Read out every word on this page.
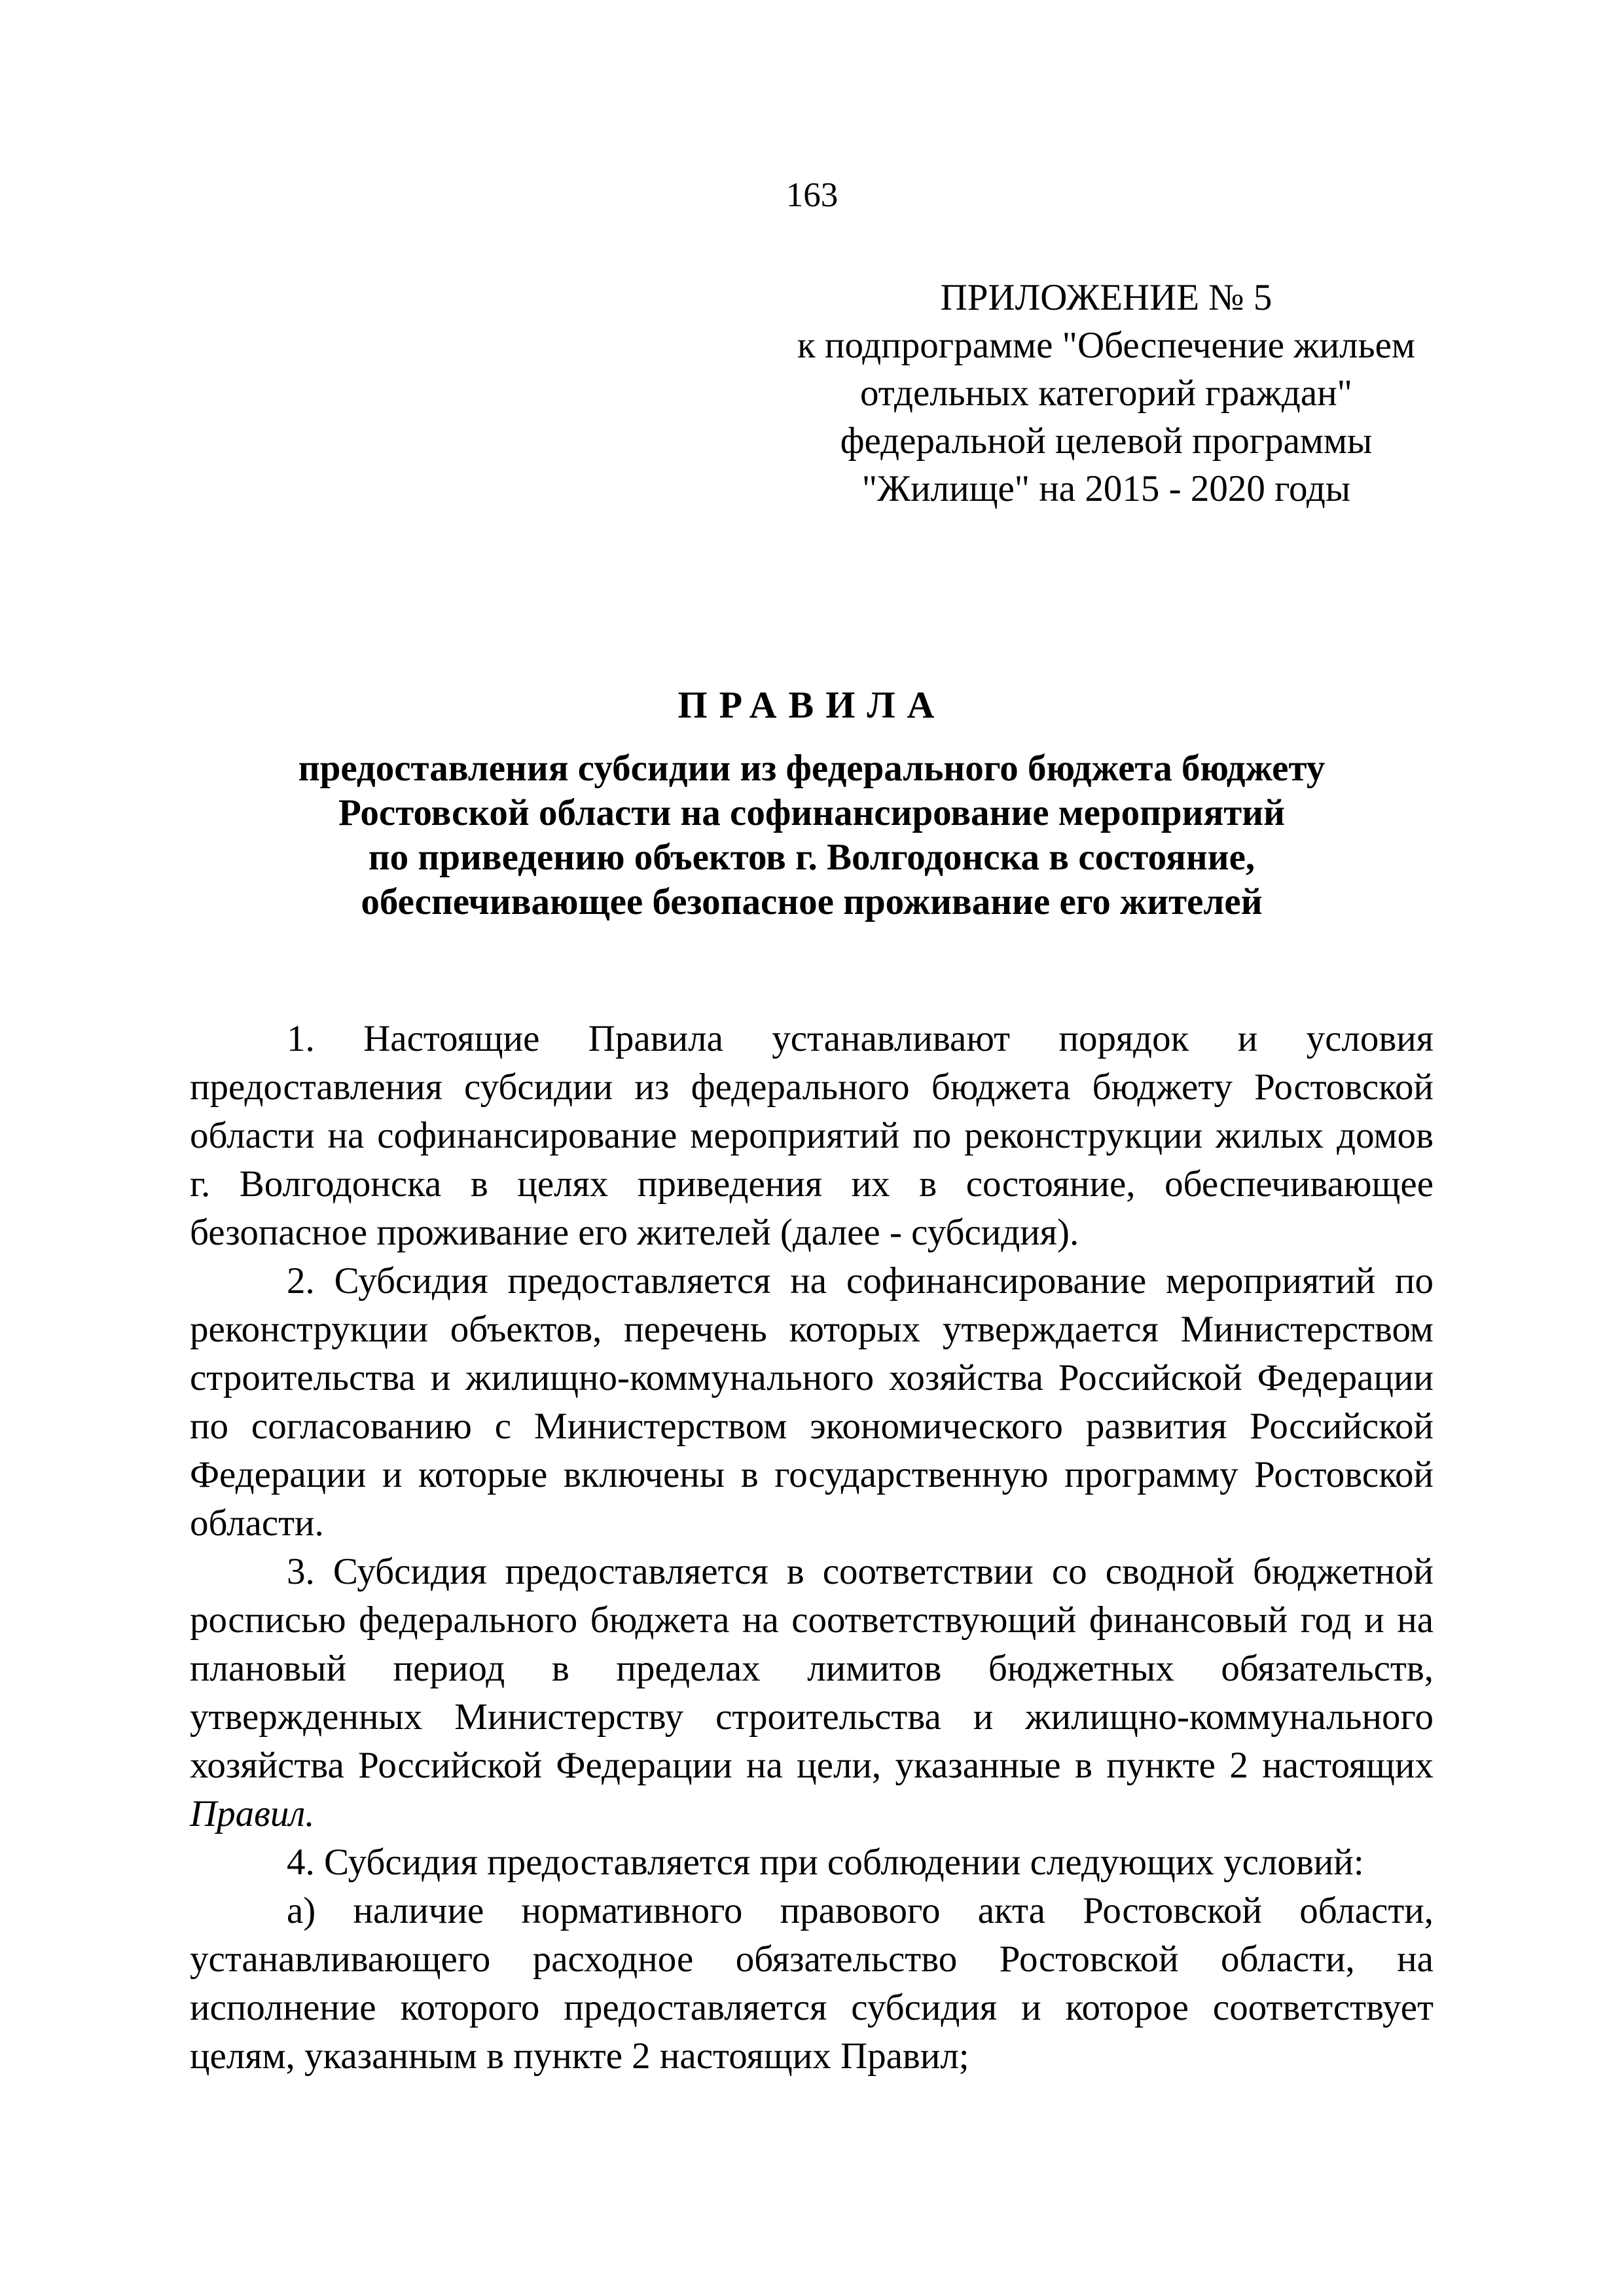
163
ПРИЛОЖЕНИЕ № 5
к подпрограмме "Обеспечение жильем
отдельных категорий граждан"
федеральной целевой программы
"Жилище" на 2015 - 2020 годы
ПРАВИЛА
предоставления субсидии из федерального бюджета бюджету
Ростовской области на софинансирование мероприятий
по приведению объектов г. Волгодонска в состояние,
обеспечивающее безопасное проживание его жителей

1. Настоящие Правила устанавливают порядок и условия предоставления субсидии из федерального бюджета бюджету Ростовской области на софинансирование мероприятий по реконструкции жилых домов г. Волгодонска в целях приведения их в состояние, обеспечивающее безопасное проживание его жителей (далее - субсидия).

2. Субсидия предоставляется на софинансирование мероприятий по реконструкции объектов, перечень которых утверждается Министерством строительства и жилищно-коммунального хозяйства Российской Федерации по согласованию с Министерством экономического развития Российской Федерации и которые включены в государственную программу Ростовской области.

3. Субсидия предоставляется в соответствии со сводной бюджетной росписью федерального бюджета на соответствующий финансовый год и на плановый период в пределах лимитов бюджетных обязательств, утвержденных Министерству строительства и жилищно-коммунального хозяйства Российской Федерации на цели, указанные в пункте 2 настоящих Правил.

4. Субсидия предоставляется при соблюдении следующих условий:

а) наличие нормативного правового акта Ростовской области, устанавливающего расходное обязательство Ростовской области, на исполнение которого предоставляется субсидия и которое соответствует целям, указанным в пункте 2 настоящих Правил;
